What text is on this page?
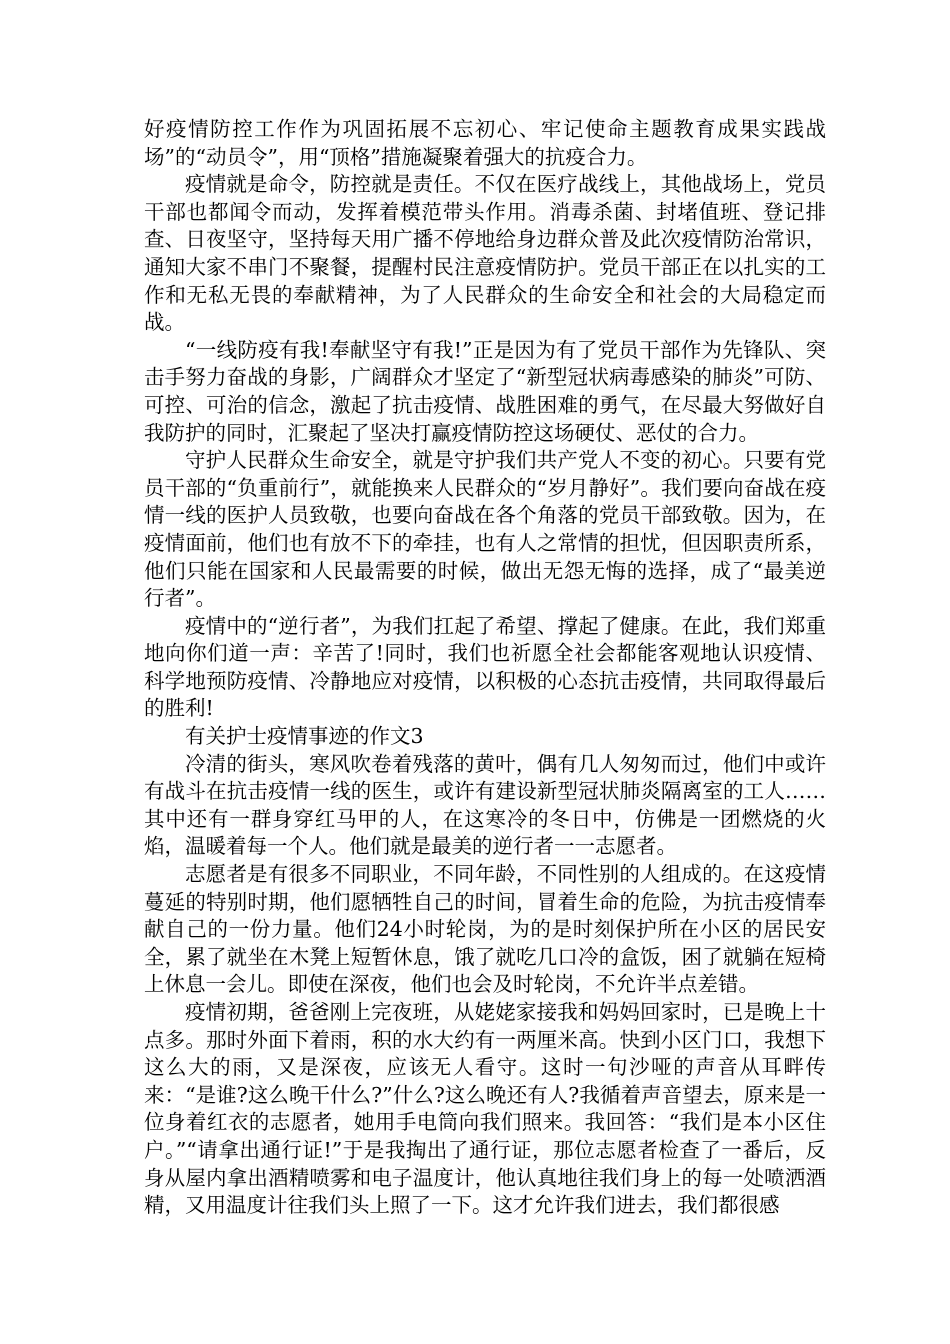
好疫情防控工作作为巩固拓展不忘初心、牢记使命主题教育成果实践战场”的“动员令”，用“顶格”措施凝聚着强大的抗疫合力。

疫情就是命令，防控就是责任。不仅在医疗战线上，其他战场上，党员干部也都闻令而动，发挥着模范带头作用。消毒杀菌、封堵值班、登记排查、日夜坚守，坚持每天用广播不停地给身边群众普及此次疫情防治常识，通知大家不串门不聚餐，提醒村民注意疫情防护。党员干部正在以扎实的工作和无私无畏的奉献精神，为了人民群众的生命安全和社会的大局稳定而战。

“一线防疫有我!奉献坚守有我!”正是因为有了党员干部作为先锋队、突击手努力奋战的身影，广阔群众才坚定了“新型冠状病毒感染的肺炎”可防、可控、可治的信念，激起了抗击疫情、战胜困难的勇气，在尽最大努做好自我防护的同时，汇聚起了坚决打赢疫情防控这场硬仗、恶仗的合力。

守护人民群众生命安全，就是守护我们共产党人不变的初心。只要有党员干部的“负重前行”，就能换来人民群众的“岁月静好”。我们要向奋战在疫情一线的医护人员致敬，也要向奋战在各个角落的党员干部致敬。因为，在疫情面前，他们也有放不下的牵挂，也有人之常情的担忧，但因职责所系，他们只能在国家和人民最需要的时候，做出无怨无悔的选择，成了“最美逆行者”。

疫情中的“逆行者”，为我们扛起了希望、撑起了健康。在此，我们郑重地向你们道一声：辛苦了!同时，我们也祈愿全社会都能客观地认识疫情、科学地预防疫情、冷静地应对疫情，以积极的心态抗击疫情，共同取得最后的胜利!

有关护士疫情事迹的作文3

冷清的街头，寒风吹卷着残落的黄叶，偶有几人匆匆而过，他们中或许有战斗在抗击疫情一线的医生，或许有建设新型冠状肺炎隔离室的工人……其中还有一群身穿红马甲的人，在这寒冷的冬日中，仿佛是一团燃烧的火焰，温暖着每一个人。他们就是最美的逆行者一一志愿者。

志愿者是有很多不同职业，不同年龄，不同性别的人组成的。在这疫情蔓延的特别时期，他们愿牺牲自己的时间，冒着生命的危险，为抗击疫情奉献自己的一份力量。他们24小时轮岗，为的是时刻保护所在小区的居民安全，累了就坐在木凳上短暂休息，饿了就吃几口冷的盒饭，困了就躺在短椅上休息一会儿。即使在深夜，他们也会及时轮岗，不允许半点差错。

疫情初期，爸爸刚上完夜班，从姥姥家接我和妈妈回家时，已是晚上十点多。那时外面下着雨，积的水大约有一两厘米高。快到小区门口，我想下这么大的雨，又是深夜，应该无人看守。这时一句沙哑的声音从耳畔传来：“是谁?这么晚干什么?”什么?这么晚还有人?我循着声音望去，原来是一位身着红衣的志愿者，她用手电筒向我们照来。我回答：“我们是本小区住户。”“请拿出通行证!”于是我掏出了通行证，那位志愿者检查了一番后，反身从屋内拿出酒精喷雾和电子温度计，他认真地往我们身上的每一处喷洒酒精，又用温度计往我们头上照了一下。这才允许我们进去，我们都很感
